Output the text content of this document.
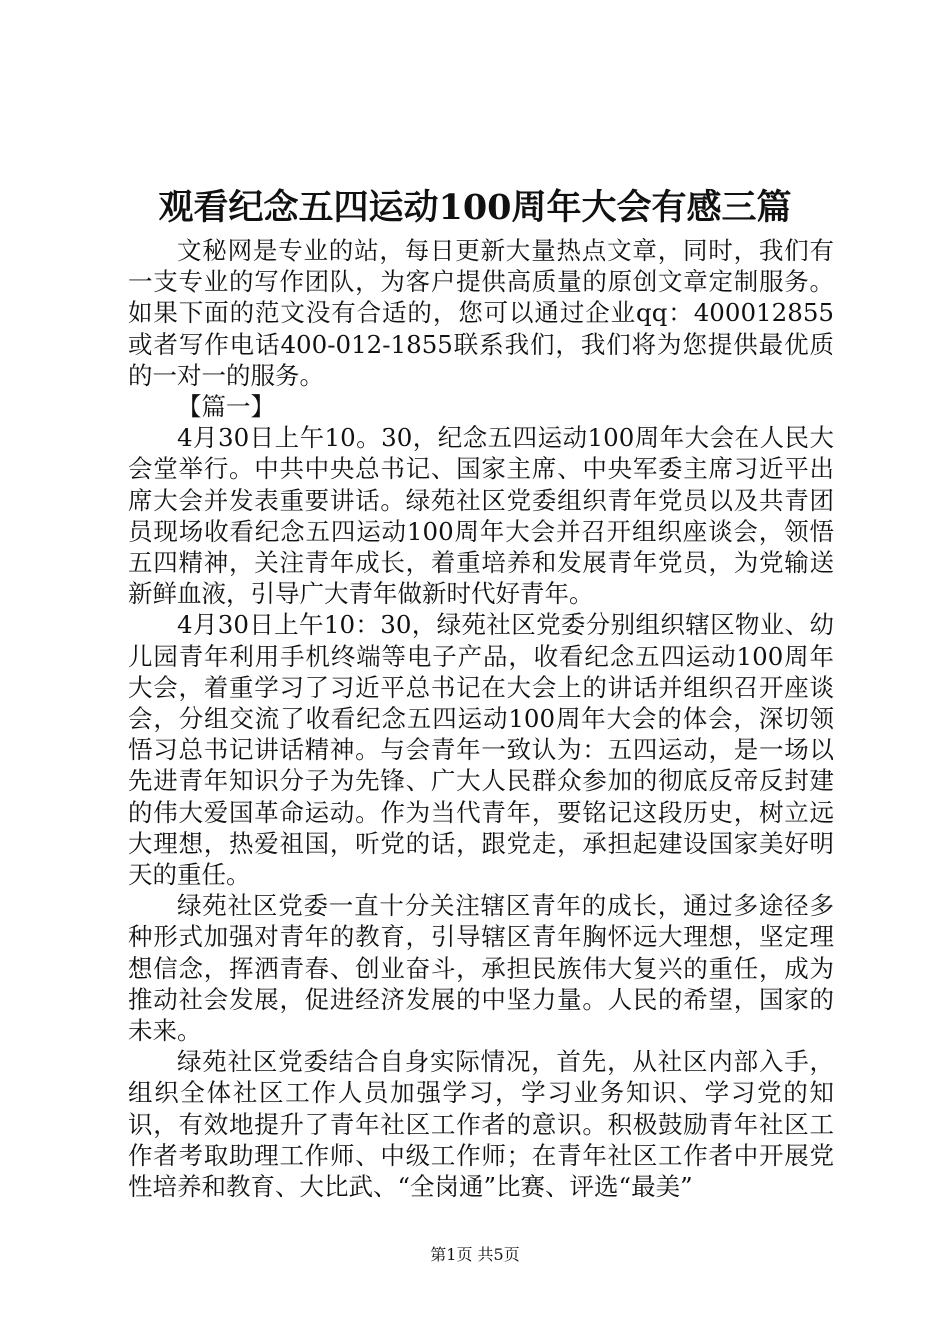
观看纪念五四运动100周年大会有感三篇

文秘网是专业的站，每日更新大量热点文章，同时，我们有一支专业的写作团队，为客户提供高质量的原创文章定制服务。如果下面的范文没有合适的，您可以通过企业qq：400012855或者写作电话400-012-1855联系我们，我们将为您提供最优质的一对一的服务。

【篇一】

4月30日上午10。30，纪念五四运动100周年大会在人民大会堂举行。中共中央总书记、国家主席、中央军委主席习近平出席大会并发表重要讲话。绿苑社区党委组织青年党员以及共青团员现场收看纪念五四运动100周年大会并召开组织座谈会，领悟五四精神，关注青年成长，着重培养和发展青年党员，为党输送新鲜血液，引导广大青年做新时代好青年。

4月30日上午10：30，绿苑社区党委分别组织辖区物业、幼儿园青年利用手机终端等电子产品，收看纪念五四运动100周年大会，着重学习了习近平总书记在大会上的讲话并组织召开座谈会，分组交流了收看纪念五四运动100周年大会的体会，深切领悟习总书记讲话精神。与会青年一致认为：五四运动，是一场以先进青年知识分子为先锋、广大人民群众参加的彻底反帝反封建的伟大爱国革命运动。作为当代青年，要铭记这段历史，树立远大理想，热爱祖国，听党的话，跟党走，承担起建设国家美好明天的重任。

绿苑社区党委一直十分关注辖区青年的成长，通过多途径多种形式加强对青年的教育，引导辖区青年胸怀远大理想，坚定理想信念，挥洒青春、创业奋斗，承担民族伟大复兴的重任，成为推动社会发展，促进经济发展的中坚力量。人民的希望，国家的未来。

绿苑社区党委结合自身实际情况，首先，从社区内部入手，组织全体社区工作人员加强学习，学习业务知识、学习党的知识，有效地提升了青年社区工作者的意识。积极鼓励青年社区工作者考取助理工作师、中级工作师；在青年社区工作者中开展党性培养和教育、大比武、“全岗通”比赛、评选“最美”

第1页 共5页
